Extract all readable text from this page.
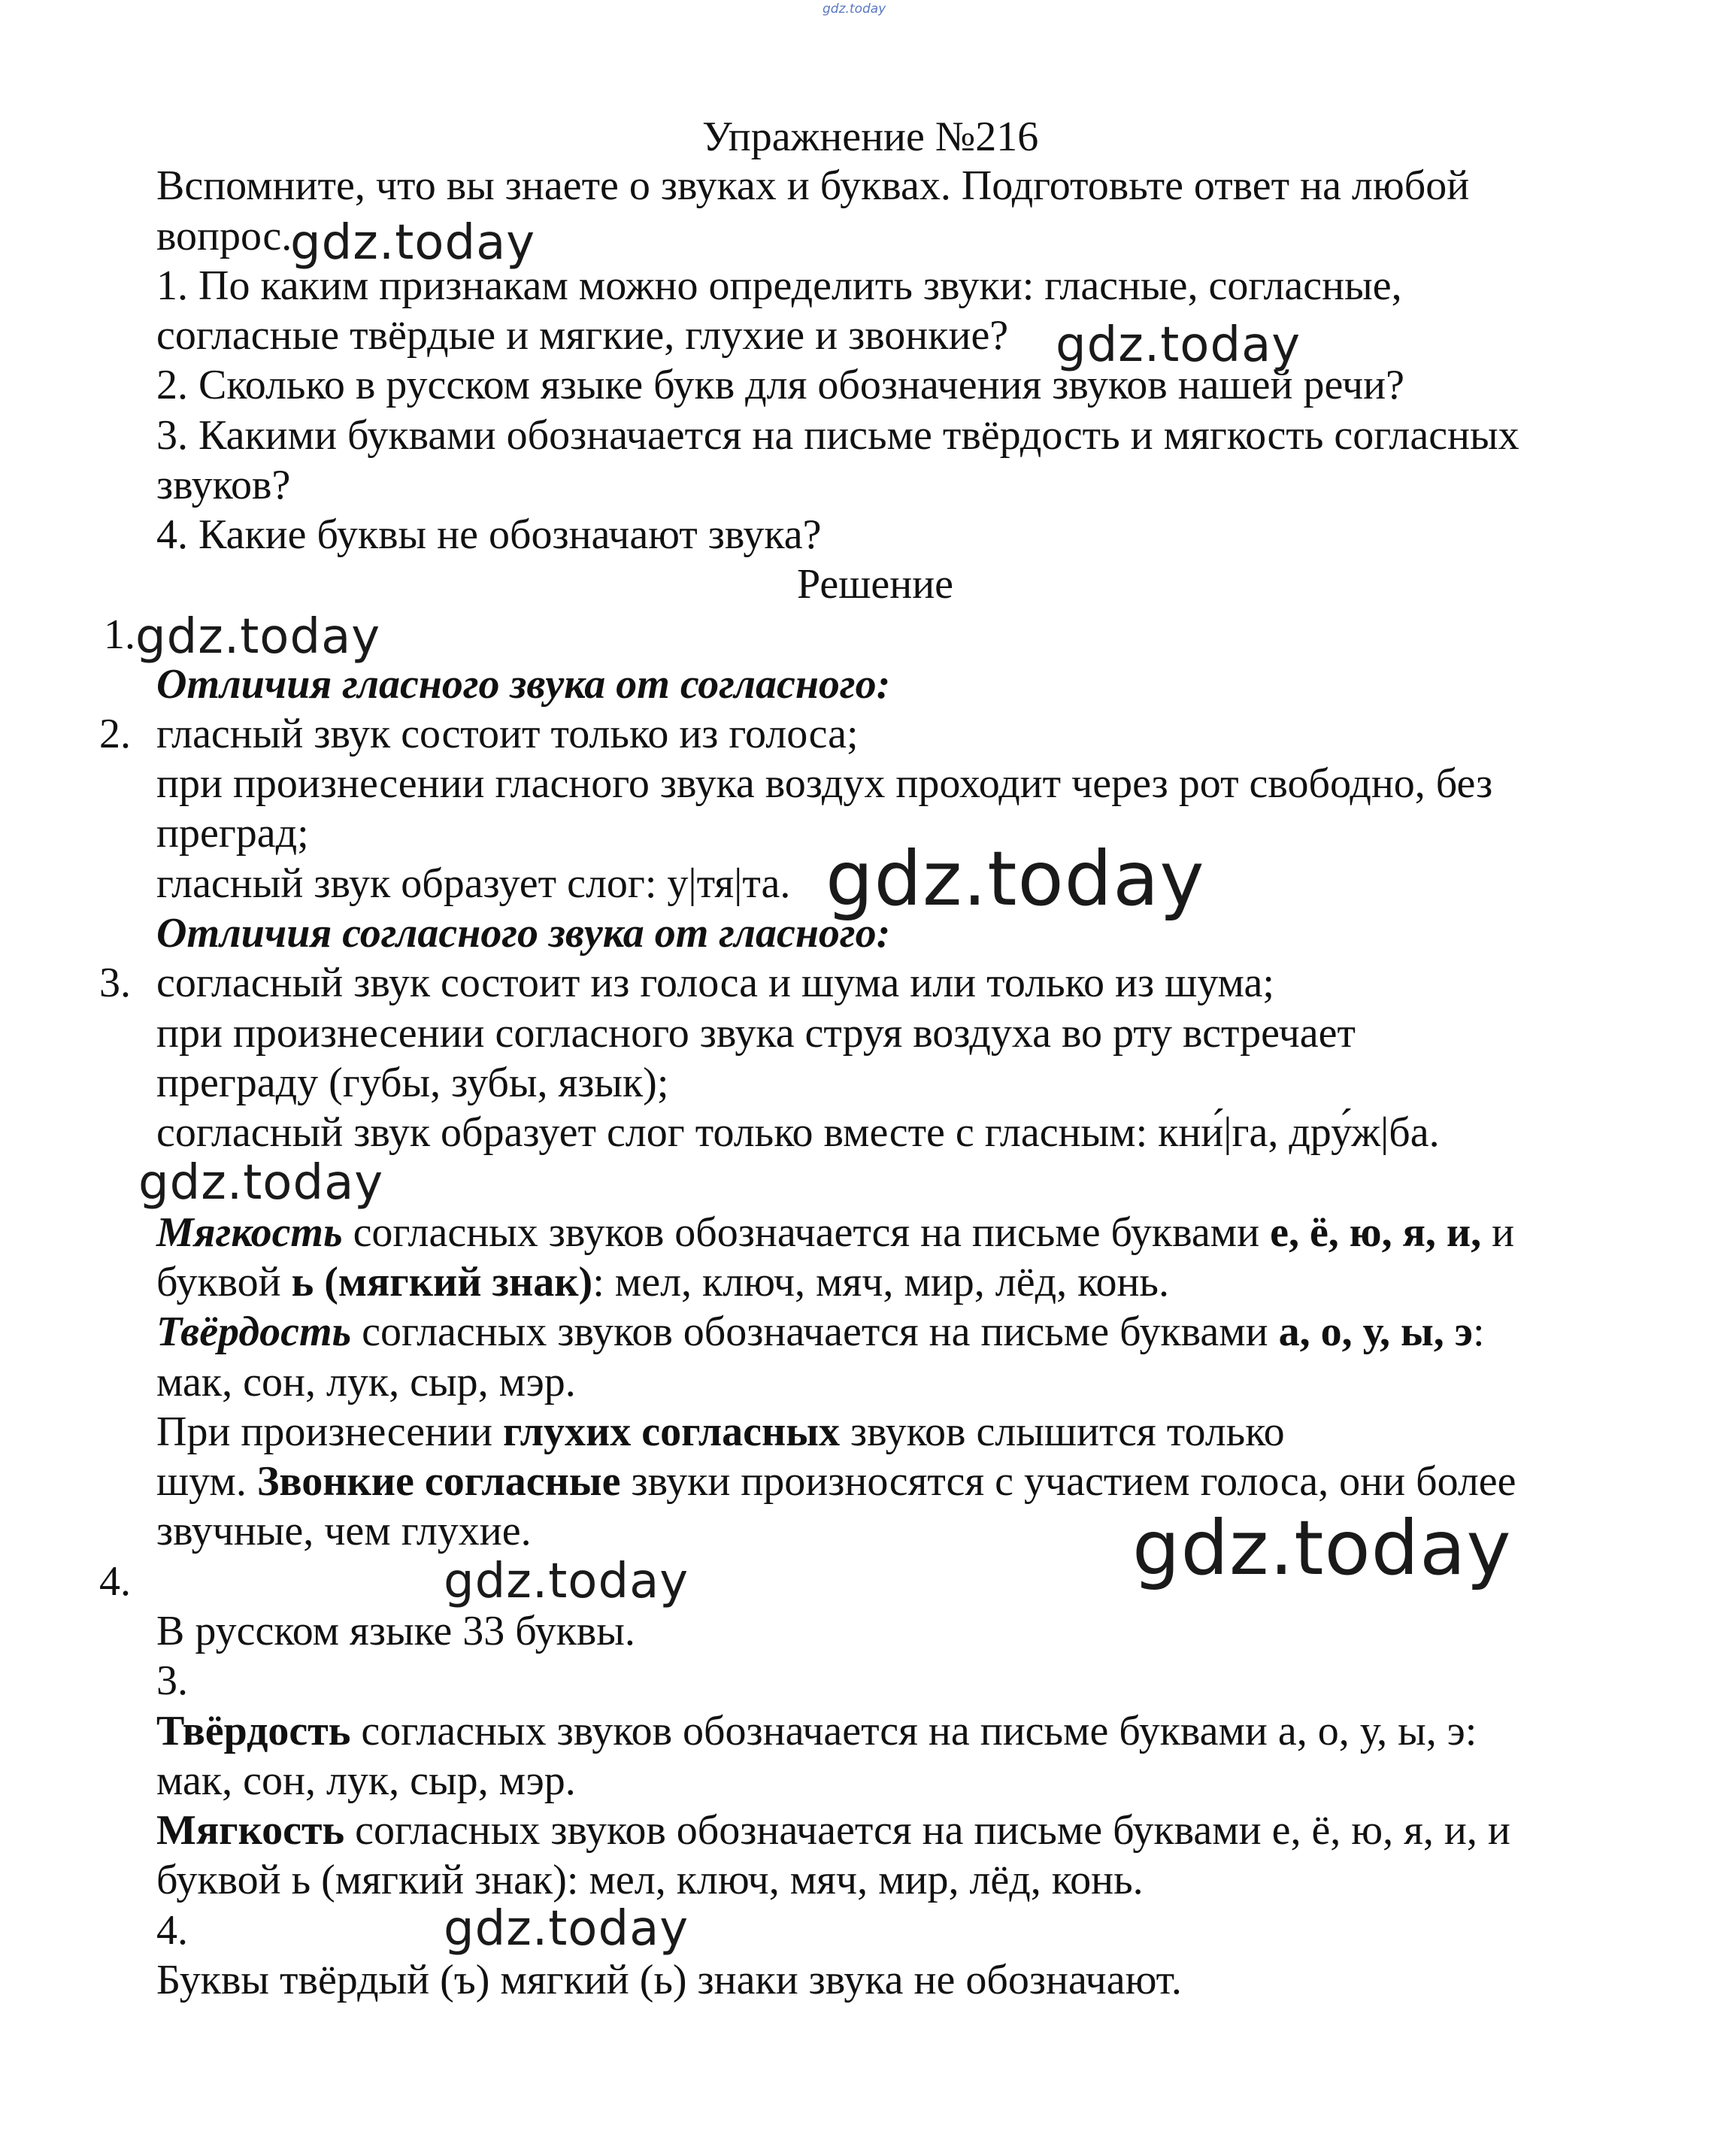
gdz.today
Упражнение №216
Вспомните, что вы знаете о звуках и буквах. Подготовьте ответ на любой
вопрос.
1. По каким признакам можно определить звуки: гласные, согласные,
согласные твёрдые и мягкие, глухие и звонкие?
2. Сколько в русском языке букв для обозначения звуков нашей речи?
3. Какими буквами обозначается на письме твёрдость и мягкость согласных
звуков?
4. Какие буквы не обозначают звука?
Решение
1.
Отличия гласного звука от согласного:
2. гласный звук состоит только из голоса;
при произнесении гласного звука воздух проходит через рот свободно, без
преград;
гласный звук образует слог: у|тя|та.
Отличия согласного звука от гласного:
3. согласный звук состоит из голоса и шума или только из шума;
при произнесении согласного звука струя воздуха во рту встречает
преграду (губы, зубы, язык);
согласный звук образует слог только вместе с гласным: кни́|га, дру́ж|ба.
Мягкость согласных звуков обозначается на письме буквами е, ё, ю, я, и, и
буквой ь (мягкий знак): мел, ключ, мяч, мир, лёд, конь.
Твёрдость согласных звуков обозначается на письме буквами а, о, у, ы, э:
мак, сон, лук, сыр, мэр.
При произнесении глухих согласных звуков слышится только
шум. Звонкие согласные звуки произносятся с участием голоса, они более
звучные, чем глухие.
4.
В русском языке 33 буквы.
3.
Твёрдость согласных звуков обозначается на письме буквами а, о, у, ы, э:
мак, сон, лук, сыр, мэр.
Мягкость согласных звуков обозначается на письме буквами е, ё, ю, я, и, и
буквой ь (мягкий знак): мел, ключ, мяч, мир, лёд, конь.
4.
Буквы твёрдый (ъ) мягкий (ь) знаки звука не обозначают.
gdz.today
gdz.today
gdz.today
gdz.today
gdz.today
gdz.today
gdz.today
gdz.today
